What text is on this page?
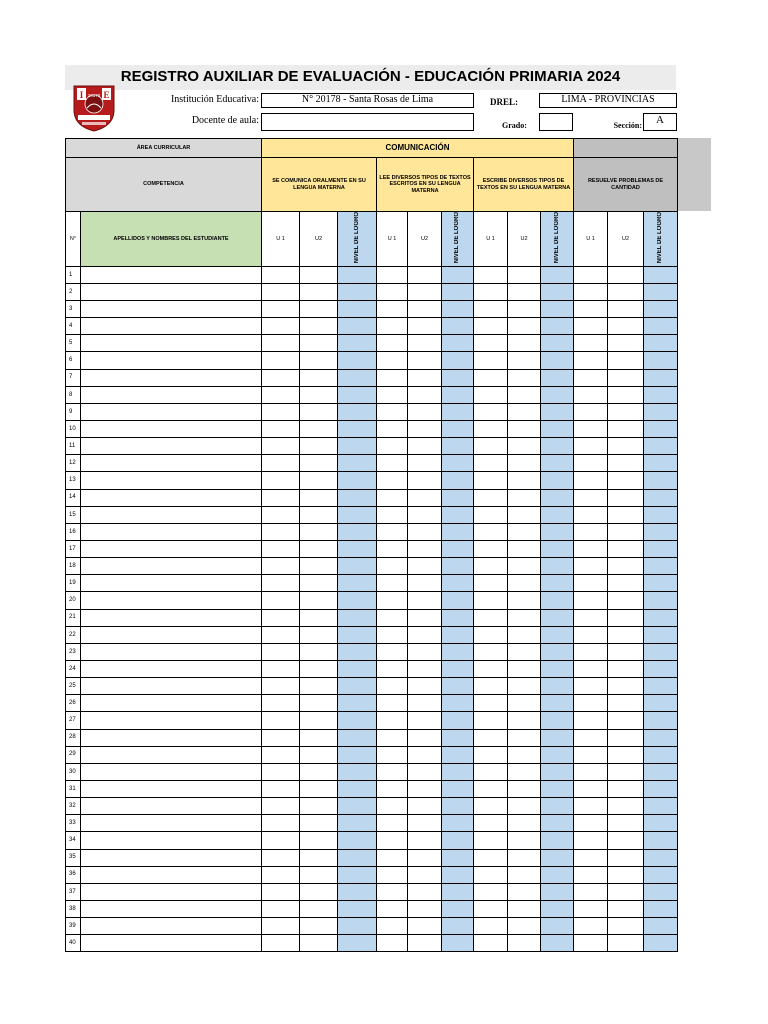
REGISTRO AUXILIAR DE EVALUACIÓN - EDUCACIÓN PRIMARIA 2024
I E
20178	Institución Educativa:	N° 20178 - Santa Rosas de Lima
Docente de aula:
DREL:	LIMA - PROVINCIAS
Grado:	Sección:	A
ÁREA CURRICULAR		COMUNICACIÓN											
COMPETENCIA		SE COMUNICA ORALMENTE EN SU LENGUA MATERNA			LEE DIVERSOS TIPOS DE TEXTOS ESCRITOS EN SU LENGUA MATERNA			ESCRIBE DIVERSOS TIPOS DE TEXTOS EN SU LENGUA MATERNA			RESUELVE PROBLEMAS DE CANTIDAD		
N°	APELLIDOS Y NOMBRES DEL ESTUDIANTE	U 1	U2	NIVEL DE LOGRO	U 1	U2	NIVEL DE LOGRO	U 1	U2	NIVEL DE LOGRO	U 1	U2	NIVEL DE LOGRO
1													
2													
3													
4													
5													
6													
7													
8													
9													
10													
11													
12													
13													
14													
15													
16													
17													
18													
19													
20													
21													
22													
23													
24													
25													
26													
27													
28													
29													
30													
31													
32													
33													
34													
35													
36													
37													
38													
39													
40													
